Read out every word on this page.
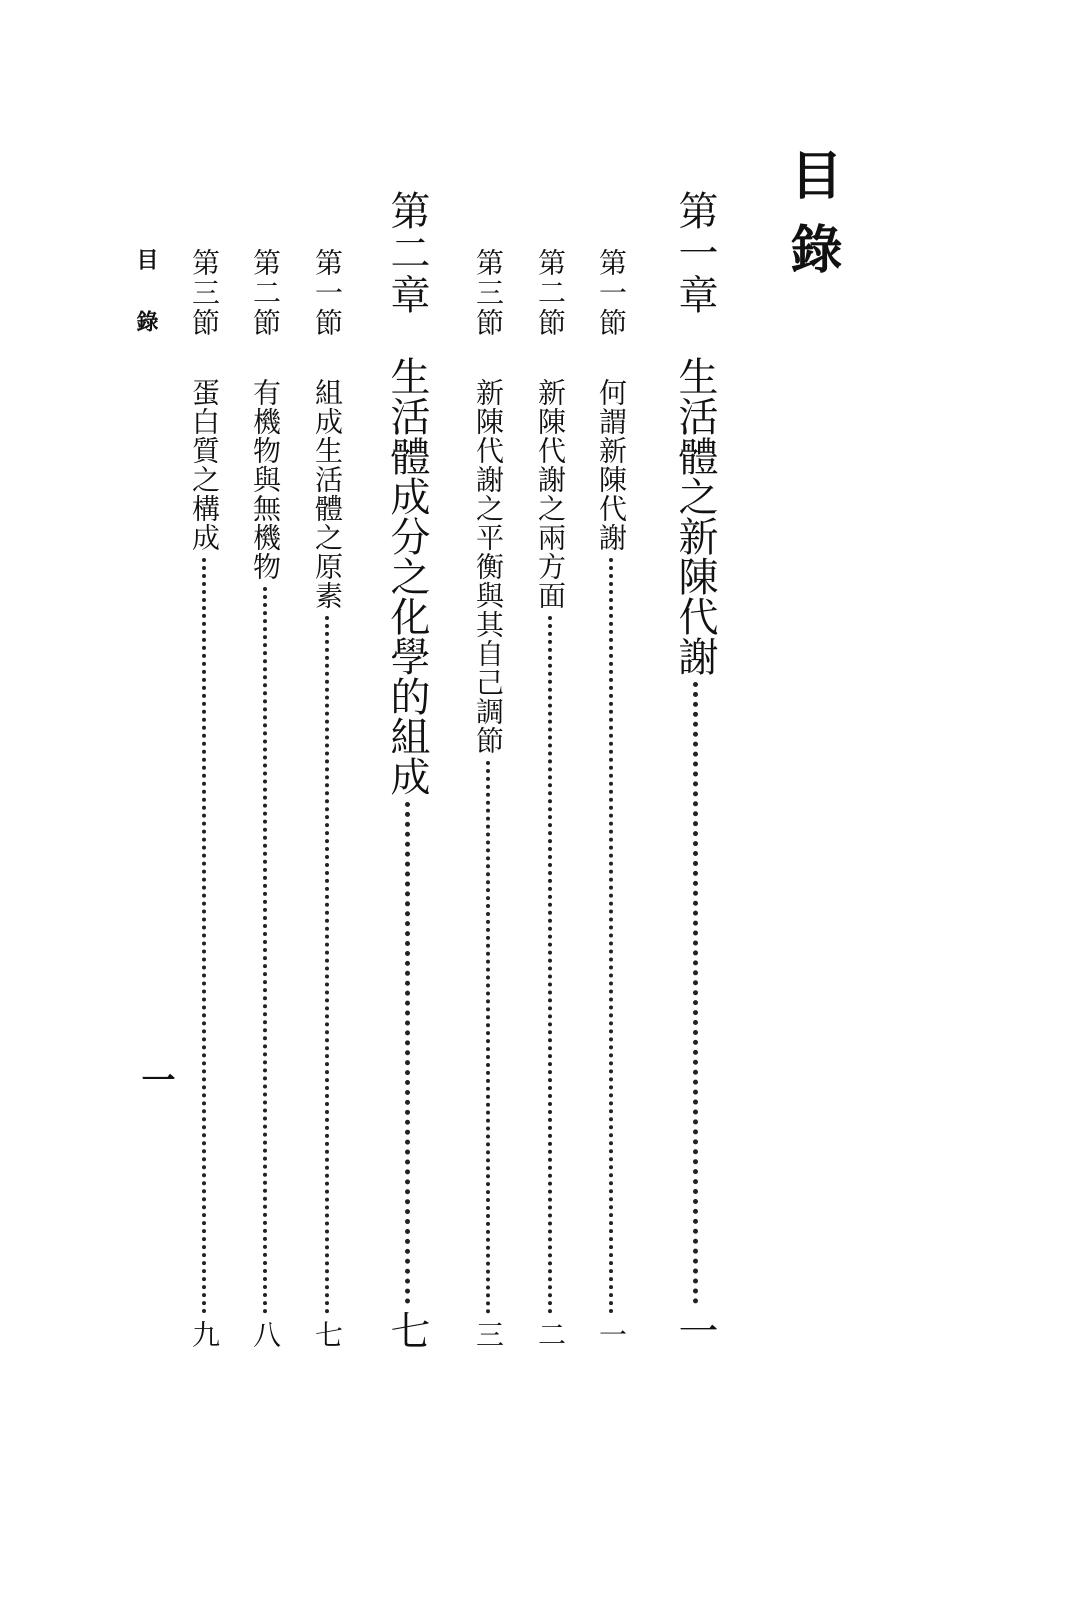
目錄
第一章
生活體之新陳代謝
一
第一節
何謂新陳代謝
一
第二節
新陳代謝之兩方面
二
第三節
新陳代謝之平衡與其自己調節
三
第二章
生活體成分之化學的組成
七
第一節
組成生活體之原素
七
第二節
有機物與無機物
八
第三節
蛋白質之構成
九
目錄
一
